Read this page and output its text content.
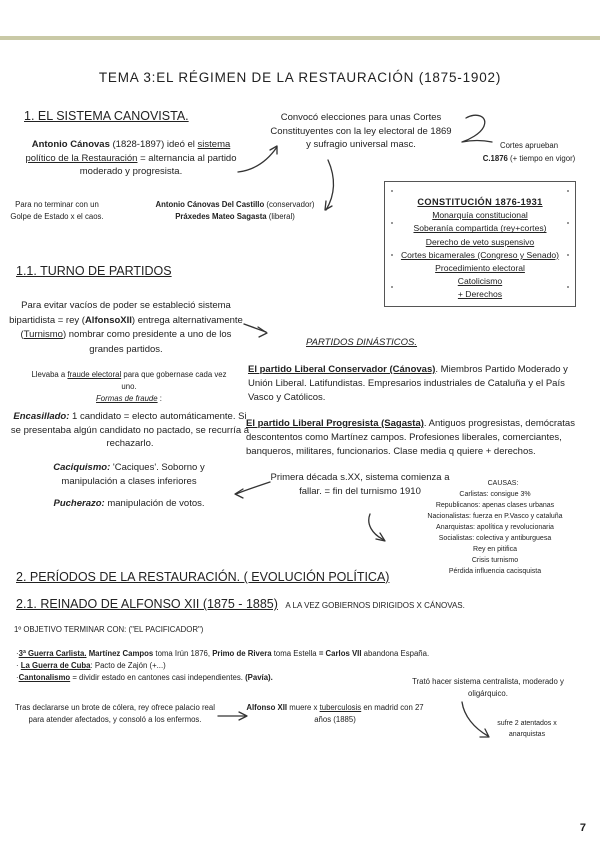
TEMA 3:EL RÉGIMEN DE LA RESTAURACIÓN (1875-1902)
1. EL SISTEMA CANOVISTA.
Antonio Cánovas (1828-1897) ideó el sistema político de la Restauración = alternancia al partido moderado y progresista.
Para no terminar con un Golpe de Estado x el caos.
Antonio Cánovas Del Castillo (conservador)
Práxedes Mateo Sagasta (liberal)
Convocó elecciones para unas Cortes Constituyentes con la ley electoral de 1869 y sufragio universal masc.	Cortes aprueban
C.1876 (+ tiempo en vigor)
CONSTITUCIÓN 1876-1931
Monarquía constitucional
Soberanía compartida (rey+cortes)
Derecho de veto suspensivo
Cortes bicamerales (Congreso y Senado)
Procedimiento electoral
Catolicismo
+ Derechos
1.1. TURNO DE PARTIDOS
Para evitar vacíos de poder se estableció sistema bipartidista = rey (AlfonsoXII) entrega alternativamente (Turnismo) nombrar como presidente a uno de los grandes partidos.
Llevaba a fraude electoral para que gobernase cada vez uno.
Formas de fraude :
Encasillado: 1 candidato = electo automáticamente. Si se presentaba algún candidato no pactado, se recurría a rechazarlo.
Caciquismo: 'Caciques'. Soborno y manipulación a clases inferiores
Pucherazo: manipulación de votos.
PARTIDOS DINÁSTICOS.
El partido Liberal Conservador (Cánovas). Miembros Partido Moderado y Unión Liberal. Latifundistas. Empresarios industriales de Cataluña y el País Vasco y Católicos.
El partido Liberal Progresista (Sagasta). Antiguos progresistas, demócratas descontentos como Martínez campos. Profesiones liberales, comerciantes, banqueros, militares, funcionarios. Clase media q quiere + derechos.
Primera década s.XX, sistema comienza a fallar. = fin del turnismo 1910
CAUSAS:
Carlistas: consigue 3%
Republicanos: apenas clases urbanas
Nacionalistas: fuerza en P.Vasco y cataluña
Anarquistas: apolítica y revolucionaria
Socialistas: colectiva y antiburguesa
Rey en pitifica
Crisis turnismo
Pérdida influencia cacisquista
2. PERÍODOS DE LA RESTAURACIÓN. ( EVOLUCIÓN POLÍTICA)
2.1. REINADO DE ALFONSO XII (1875 - 1885) A LA VEZ GOBIERNOS DIRIGIDOS X CÁNOVAS.
1º OBJETIVO TERMINAR CON: ("EL PACIFICADOR")
·3ª Guerra Carlista. Martínez Campos toma Irún 1876, Primo de Rivera toma Estella = Carlos VII abandona España.
· La Guerra de Cuba: Pacto de Zajón (+...)
·Cantonalismo = dividir estado en cantones casi independientes. (Pavía).	Trató hacer sistema centralista, moderado y oligárquico.
Tras declararse un brote de cólera, rey ofrece palacio real para atender afectados, y consoló a los enfermos.
Alfonso XII muere x tuberculosis en madrid con 27 años (1885)	sufre 2 atentados x anarquistas
7
